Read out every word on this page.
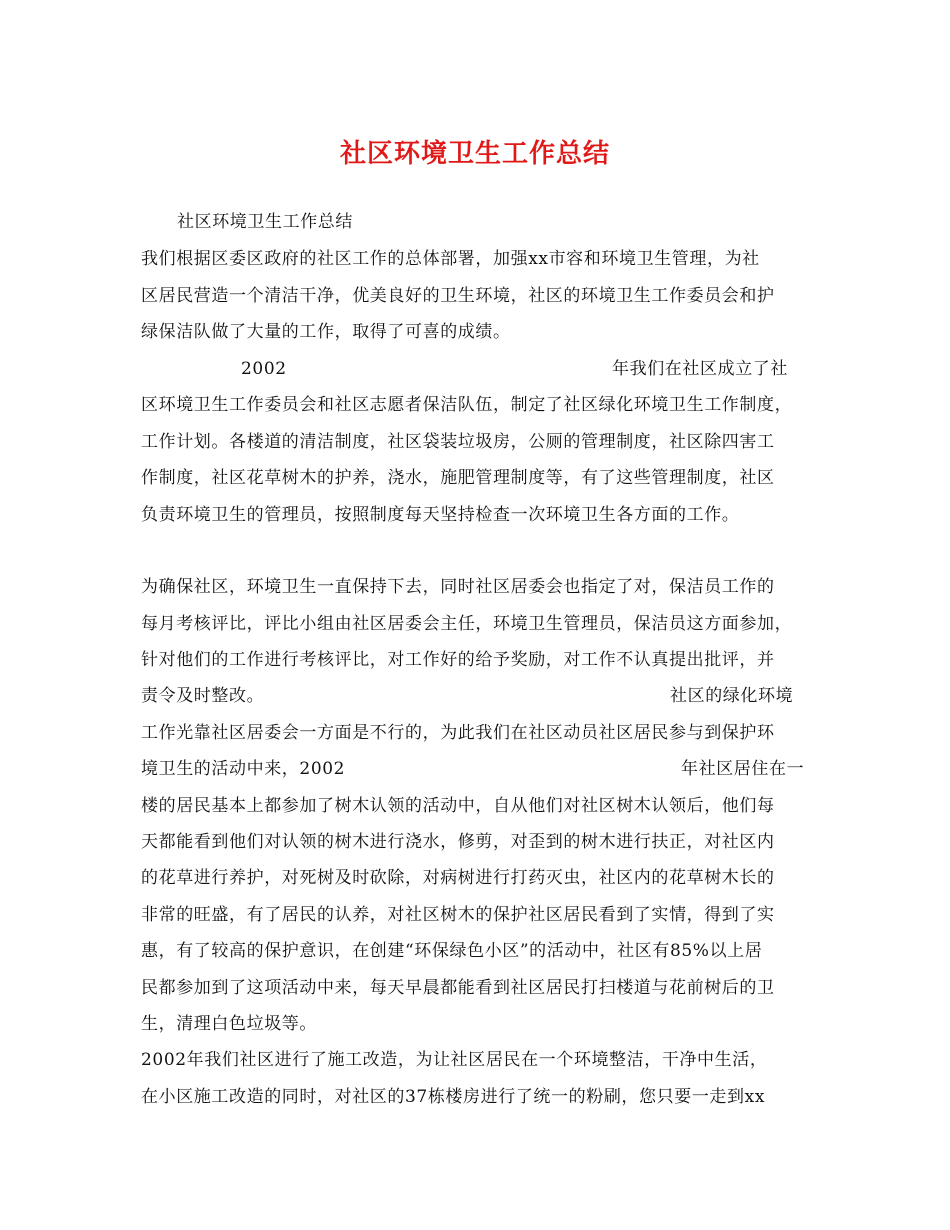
社区环境卫生工作总结
社区环境卫生工作总结
我们根据区委区政府的社区工作的总体部署，加强xx市容和环境卫生管理，为社
区居民营造一个清洁干净，优美良好的卫生环境，社区的环境卫生工作委员会和护
绿保洁队做了大量的工作，取得了可喜的成绩。
2002	年我们在社区成立了社
区环境卫生工作委员会和社区志愿者保洁队伍，制定了社区绿化环境卫生工作制度，
工作计划。各楼道的清洁制度，社区袋装垃圾房，公厕的管理制度，社区除四害工
作制度，社区花草树木的护养，浇水，施肥管理制度等，有了这些管理制度，社区
负责环境卫生的管理员，按照制度每天坚持检查一次环境卫生各方面的工作。
为确保社区，环境卫生一直保持下去，同时社区居委会也指定了对，保洁员工作的
每月考核评比，评比小组由社区居委会主任，环境卫生管理员，保洁员这方面参加，
针对他们的工作进行考核评比，对工作好的给予奖励，对工作不认真提出批评，并
责令及时整改。	社区的绿化环境
工作光靠社区居委会一方面是不行的，为此我们在社区动员社区居民参与到保护环
境卫生的活动中来，2002	年社区居住在一
楼的居民基本上都参加了树木认领的活动中，自从他们对社区树木认领后，他们每
天都能看到他们对认领的树木进行浇水，修剪，对歪到的树木进行扶正，对社区内
的花草进行养护，对死树及时砍除，对病树进行打药灭虫，社区内的花草树木长的
非常的旺盛，有了居民的认养，对社区树木的保护社区居民看到了实情，得到了实
惠，有了较高的保护意识，在创建“环保绿色小区”的活动中，社区有85%以上居
民都参加到了这项活动中来，每天早晨都能看到社区居民打扫楼道与花前树后的卫
生，清理白色垃圾等。
2002年我们社区进行了施工改造，为让社区居民在一个环境整洁，干净中生活，
在小区施工改造的同时，对社区的37栋楼房进行了统一的粉刷，您只要一走到xx
